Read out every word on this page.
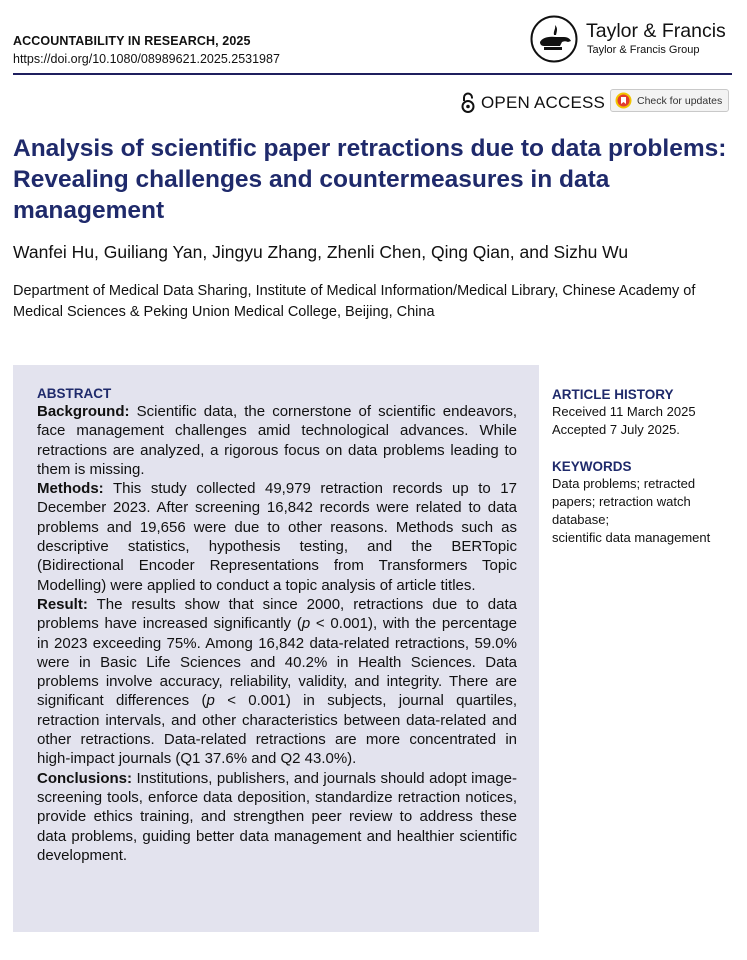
ACCOUNTABILITY IN RESEARCH, 2025
https://doi.org/10.1080/08989621.2025.2531987
Taylor & Francis
Taylor & Francis Group
OPEN ACCESS	Check for updates
Analysis of scientific paper retractions due to data problems: Revealing challenges and countermeasures in data management
Wanfei Hu, Guiliang Yan, Jingyu Zhang, Zhenli Chen, Qing Qian, and Sizhu Wu
Department of Medical Data Sharing, Institute of Medical Information/Medical Library, Chinese Academy of Medical Sciences & Peking Union Medical College, Beijing, China
ABSTRACT

Background: Scientific data, the cornerstone of scientific endeavors, face management challenges amid technological advances. While retractions are analyzed, a rigorous focus on data problems leading to them is missing.

Methods: This study collected 49,979 retraction records up to 17 December 2023. After screening 16,842 records were related to data problems and 19,656 were due to other reasons. Methods such as descriptive statistics, hypothesis testing, and the BERTopic (Bidirectional Encoder Representations from Transformers Topic Modelling) were applied to conduct a topic analysis of article titles.

Result: The results show that since 2000, retractions due to data problems have increased significantly (p < 0.001), with the percentage in 2023 exceeding 75%. Among 16,842 data-related retractions, 59.0% were in Basic Life Sciences and 40.2% in Health Sciences. Data problems involve accuracy, reliability, validity, and integrity. There are significant differences (p < 0.001) in subjects, journal quartiles, retraction intervals, and other characteristics between data-related and other retractions. Data-related retractions are more concentrated in high-impact journals (Q1 37.6% and Q2 43.0%).

Conclusions: Institutions, publishers, and journals should adopt image-screening tools, enforce data deposition, standardize retraction notices, provide ethics training, and strengthen peer review to address these data problems, guiding better data management and healthier scientific development.

ARTICLE HISTORY
Received 11 March 2025
Accepted 7 July 2025.
KEYWORDS
Data problems; retracted
papers; retraction watch
database;
scientific data management
